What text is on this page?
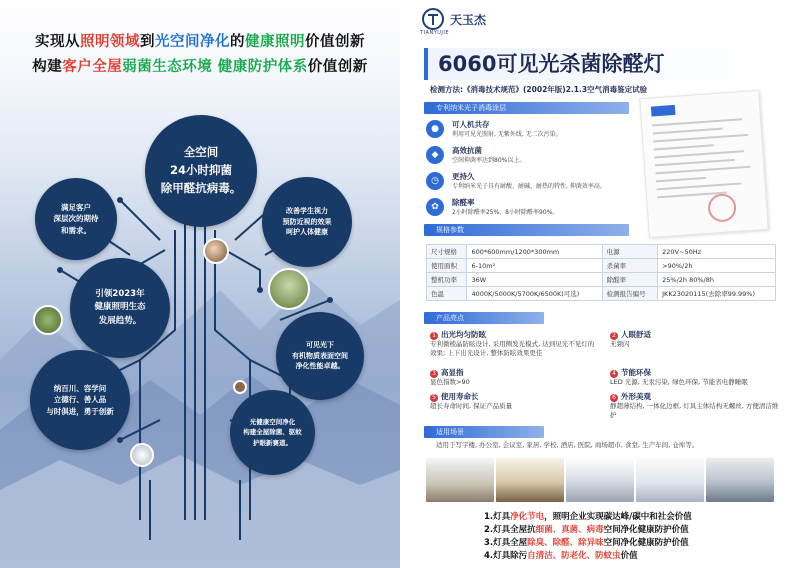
实现从照明领域到光空间净化的健康照明价值创新
构建客户全屋弱菌生态环境 健康防护体系价值创新
全空间
24小时抑菌
除甲醛抗病毒。
满足客户
深层次的期待
和需求。
改善学生视力
预防近视的效果
呵护人体健康
引领2023年
健康照明生态
发展趋势。
可见光下
有机物质表面空间
净化性能卓越。
纳百川、容学问
立德行、善人品
与时俱进，勇于创新
光健康空间净化
构建全屋除菌、驱蚊
护眼新赛道。
天玉杰
TIANYUJIE
6060可见光杀菌除醛灯
检测方法:《消毒技术规范》(2002年版)2.1.3空气消毒鉴定试验
专利纳米光子消毒涂层
●	可人机共存
利用可见光照射, 无紫外线, 无二次污染。
◆	高效抗菌
空间抑菌率达到80%以上。
◷	更持久
专利纳米光子具有耐酸、耐碱、耐热的特性, 抑菌效率高。
✿	除醛率
2小时除醛率25%，8小时除醛率90%。
规格参数
尺寸规格	600*600mm/1200*300mm	电源	220V~50Hz
使用面积	6-10m²	杀菌率	>90%/2h
整机功率	36W	除醛率	25%/2h 80%/8h
色温	4000K/5000K/5700K/6500K(可选)	检测报告编号	JKK23020115(去除率99.99%)
产品亮点
1 出光均匀防眩
专利微棱晶防眩设计, 采用侧发光模式, 达到见光不见灯的效果; 上下出光设计, 整体防眩效果更佳
2 人眼舒适
无频闪
3 高显指
显色指数>90
4 节能环保
LED 光源, 无汞污染, 绿色环保, 节能省电静睡眠
5 使用寿命长
超长寿命时间, 保证产品质量
6 外形美观
静超薄结构, 一体化边框, 灯具主体结构无螺丝, 方便清洁维护
适用场景
适用于写字楼, 办公室, 会议室, 家居, 学校, 酒店, 医院, 商场超市, 食堂, 生产车间, 仓库等。
1.灯具净化节电，照明企业实现碳达峰/碳中和社会价值
2.灯具全屋抗细菌、真菌、病毒空间净化健康防护价值
3.灯具全屋除臭、除醛、除异味空间净化健康防护价值
4.灯具除污自清洁、防老化、防蚊虫价值
